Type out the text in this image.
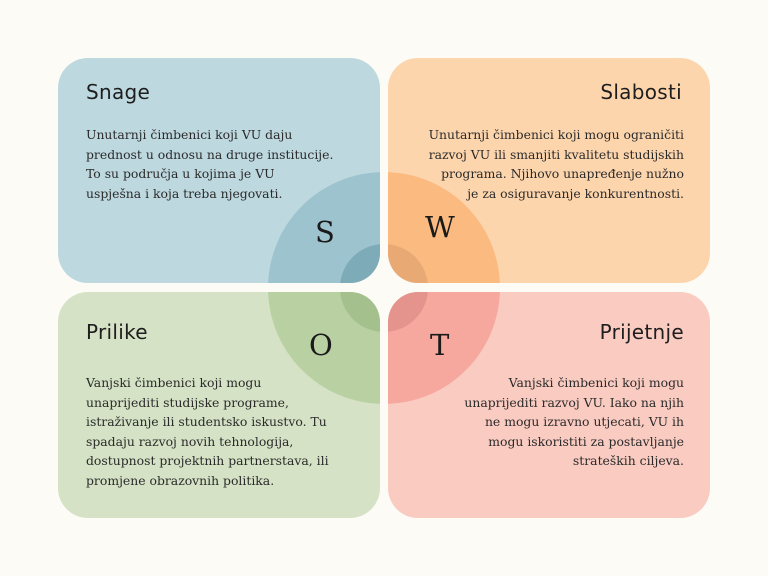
Snage
Unutarnji čimbenici koji VU daju
prednost u odnosu na druge institucije.
To su područja u kojima je VU
uspješna i koja treba njegovati.
Slabosti
Unutarnji čimbenici koji mogu ograničiti
razvoj VU ili smanjiti kvalitetu studijskih
programa. Njihovo unapređenje nužno
je za osiguravanje konkurentnosti.
Prilike
Vanjski čimbenici koji mogu
unaprijediti studijske programe,
istraživanje ili studentsko iskustvo. Tu
spadaju razvoj novih tehnologija,
dostupnost projektnih partnerstava, ili
promjene obrazovnih politika.
Prijetnje
Vanjski čimbenici koji mogu
unaprijediti razvoj VU. Iako na njih
ne mogu izravno utjecati, VU ih
mogu iskoristiti za postavljanje
strateških ciljeva.
S	W
O	T
